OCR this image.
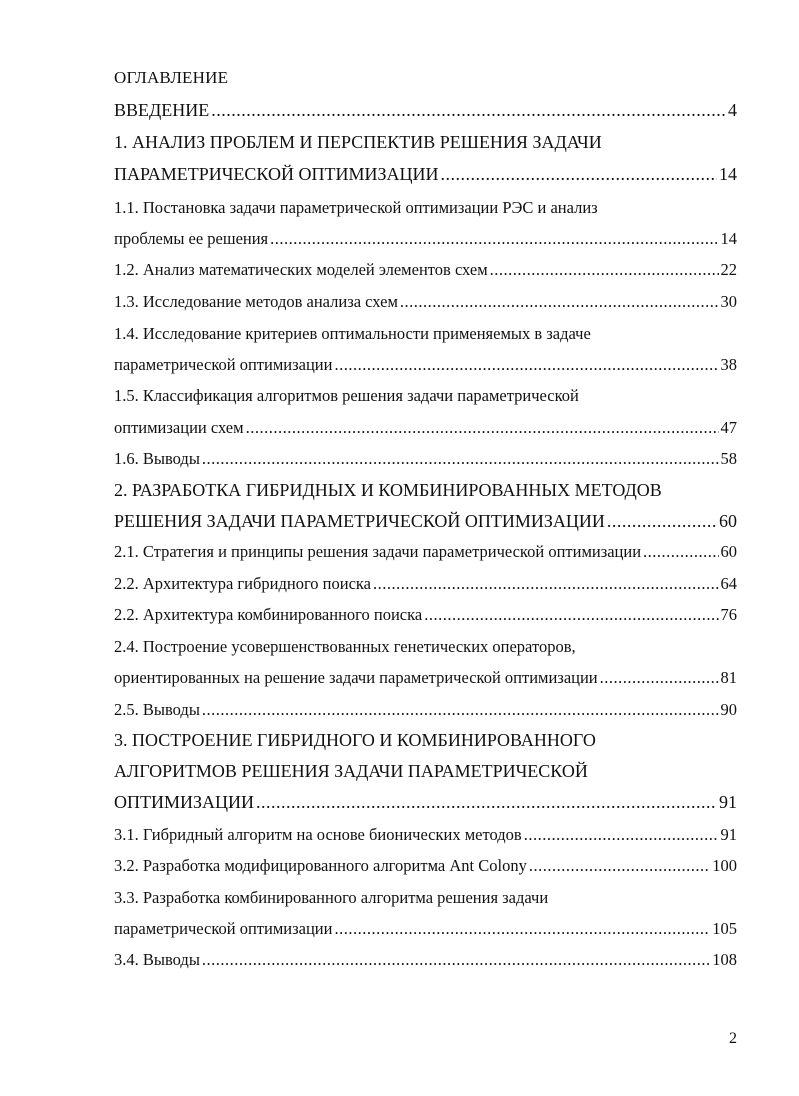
ОГЛАВЛЕНИЕ
ВВЕДЕНИЕ .....	4
1. АНАЛИЗ ПРОБЛЕМ И ПЕРСПЕКТИВ РЕШЕНИЯ ЗАДАЧИ
ПАРАМЕТРИЧЕСКОЙ ОПТИМИЗАЦИИ .....	14
1.1. Постановка задачи параметрической оптимизации РЭС и анализ
проблемы ее решения .....	14
1.2. Анализ математических моделей элементов схем .....	22
1.3. Исследование методов анализа схем .....	30
1.4. Исследование критериев оптимальности применяемых в задаче
параметрической оптимизации .....	38
1.5. Классификация алгоритмов решения задачи параметрической
оптимизации схем .....	47
1.6. Выводы .....	58
2. РАЗРАБОТКА ГИБРИДНЫХ И КОМБИНИРОВАННЫХ МЕТОДОВ
РЕШЕНИЯ ЗАДАЧИ ПАРАМЕТРИЧЕСКОЙ ОПТИМИЗАЦИИ .....	60
2.1. Стратегия и принципы решения задачи параметрической оптимизации .....	60
2.2. Архитектура гибридного поиска .....	64
2.2. Архитектура комбинированного поиска .....	76
2.4. Построение усовершенствованных генетических операторов,
ориентированных на решение задачи параметрической оптимизации .....	81
2.5. Выводы .....	90
3. ПОСТРОЕНИЕ ГИБРИДНОГО И КОМБИНИРОВАННОГО
АЛГОРИТМОВ РЕШЕНИЯ ЗАДАЧИ ПАРАМЕТРИЧЕСКОЙ
ОПТИМИЗАЦИИ .....	91
3.1. Гибридный алгоритм на основе бионических методов .....	91
3.2. Разработка модифицированного алгоритма Ant Colony .....	100
3.3. Разработка комбинированного алгоритма решения задачи
параметрической оптимизации .....	105
3.4. Выводы .....	108
2
